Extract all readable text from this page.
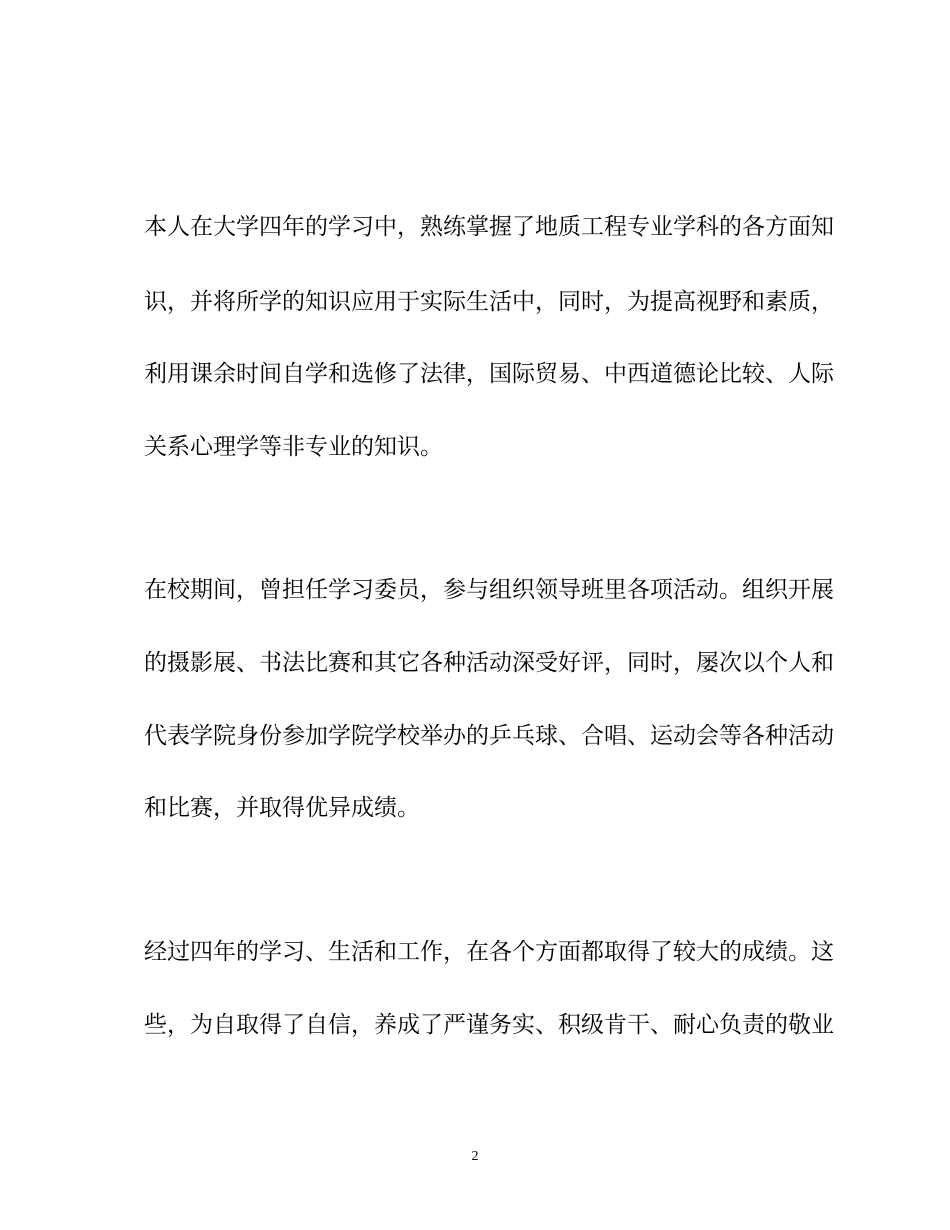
本人在大学四年的学习中，熟练掌握了地质工程专业学科的各方面知
识，并将所学的知识应用于实际生活中，同时，为提高视野和素质，
利用课余时间自学和选修了法律，国际贸易、中西道德论比较、人际
关系心理学等非专业的知识。
在校期间，曾担任学习委员，参与组织领导班里各项活动。组织开展
的摄影展、书法比赛和其它各种活动深受好评，同时，屡次以个人和
代表学院身份参加学院学校举办的乒乓球、合唱、运动会等各种活动
和比赛，并取得优异成绩。
经过四年的学习、生活和工作，在各个方面都取得了较大的成绩。这
些，为自取得了自信，养成了严谨务实、积级肯干、耐心负责的敬业
2
